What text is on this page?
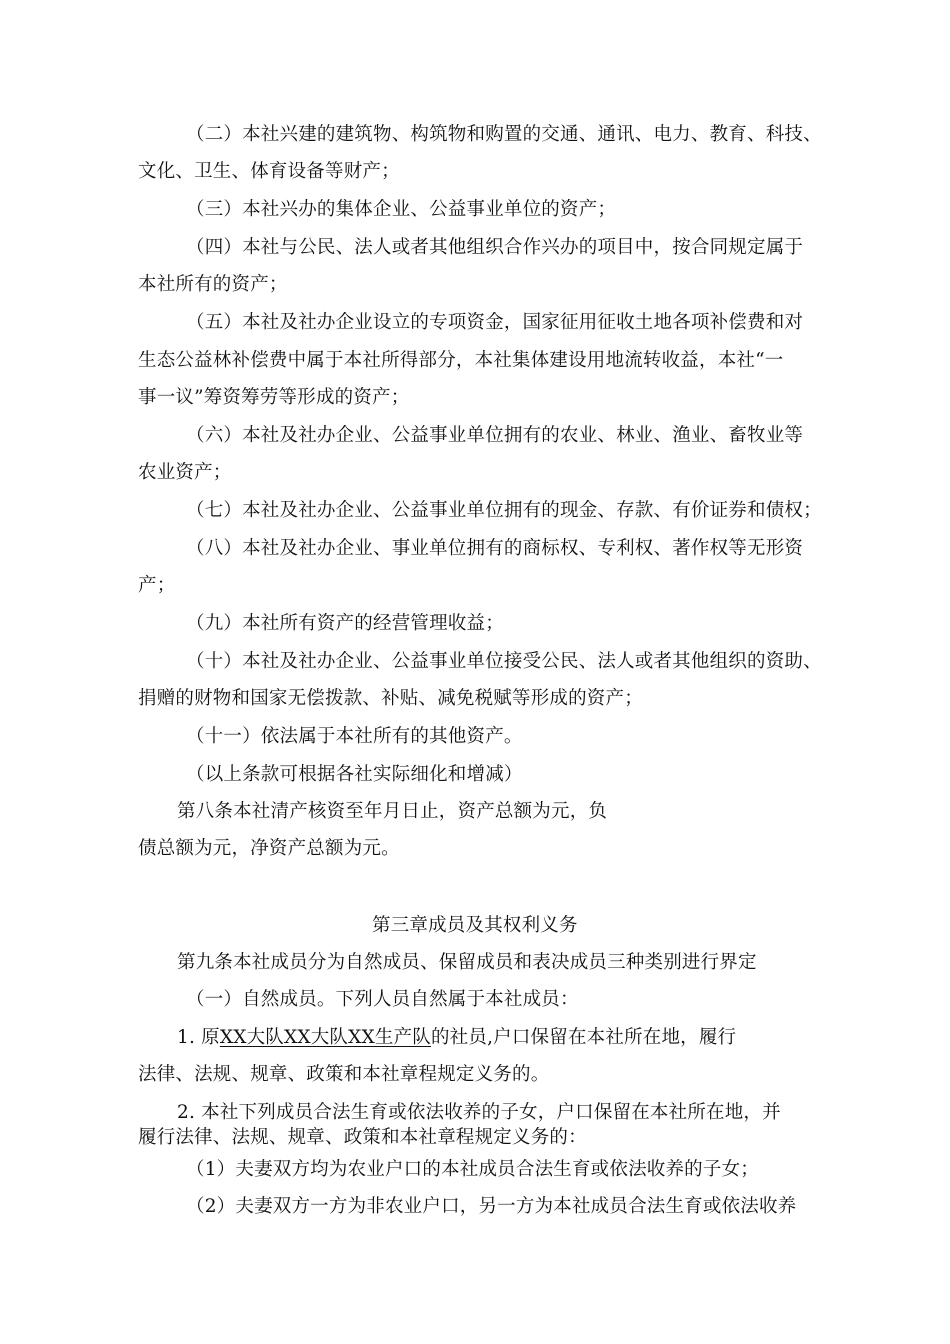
（二）本社兴建的建筑物、构筑物和购置的交通、通讯、电力、教育、科技、
文化、卫生、体育设备等财产；
（三）本社兴办的集体企业、公益事业单位的资产；
（四）本社与公民、法人或者其他组织合作兴办的项目中，按合同规定属于
本社所有的资产；
（五）本社及社办企业设立的专项资金，国家征用征收土地各项补偿费和对
生态公益林补偿费中属于本社所得部分，本社集体建设用地流转收益，本社“一
事一议”筹资筹劳等形成的资产；
（六）本社及社办企业、公益事业单位拥有的农业、林业、渔业、畜牧业等
农业资产；
（七）本社及社办企业、公益事业单位拥有的现金、存款、有价证券和债权；
（八）本社及社办企业、事业单位拥有的商标权、专利权、著作权等无形资
产；
（九）本社所有资产的经营管理收益；
（十）本社及社办企业、公益事业单位接受公民、法人或者其他组织的资助、
捐赠的财物和国家无偿拨款、补贴、减免税赋等形成的资产；
（十一）依法属于本社所有的其他资产。
（以上条款可根据各社实际细化和增减）
第八条本社清产核资至年月日止，资产总额为元，负
债总额为元，净资产总额为元。
第三章成员及其权利义务
第九条本社成员分为自然成员、保留成员和表决成员三种类别进行界定
（一）自然成员。下列人员自然属于本社成员：
1. 原XX大队XX大队XX生产队的社员,户口保留在本社所在地，履行
法律、法规、规章、政策和本社章程规定义务的。
2. 本社下列成员合法生育或依法收养的子女，户口保留在本社所在地，并
履行法律、法规、规章、政策和本社章程规定义务的：
（1）夫妻双方均为农业户口的本社成员合法生育或依法收养的子女；
（2）夫妻双方一方为非农业户口，另一方为本社成员合法生育或依法收养
